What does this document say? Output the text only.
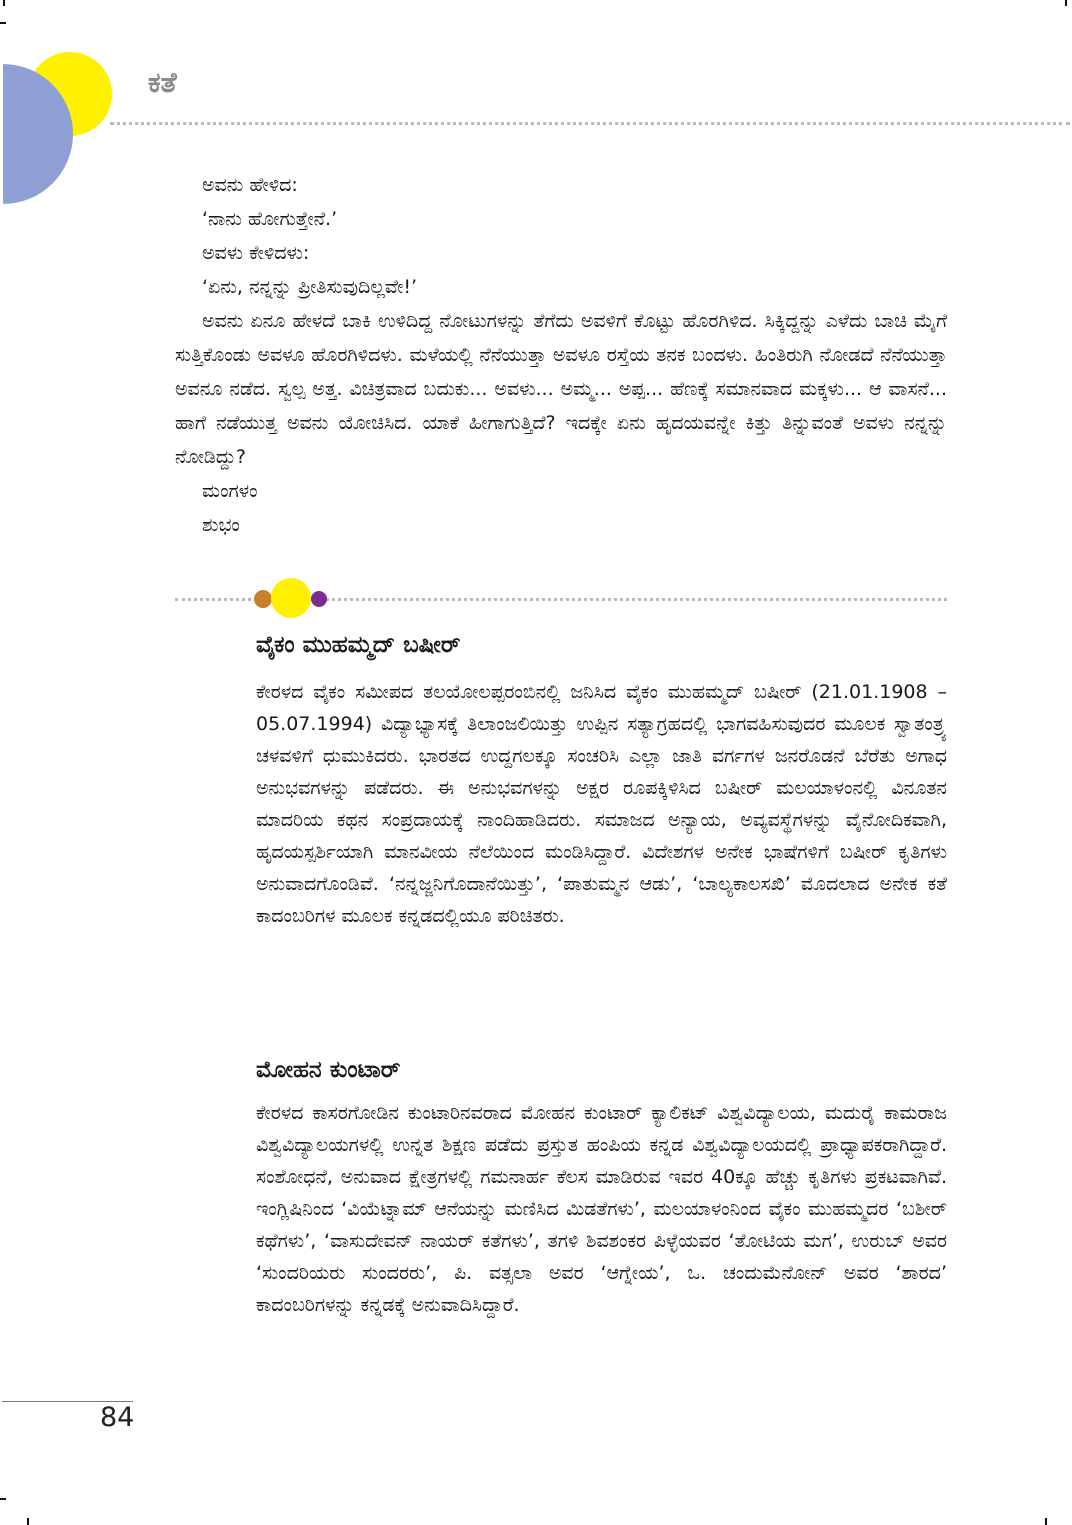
ಕತೆ
ಅವನು ಹೇಳಿದ:
‘ನಾನು ಹೋಗುತ್ತೇನೆ.’
ಅವಳು ಕೇಳಿದಳು:
‘ಏನು, ನನ್ನನ್ನು ಪ್ರೀತಿಸುವುದಿಲ್ಲವೇ!’
ಅವನು ಏನೂ ಹೇಳದೆ ಬಾಕಿ ಉಳಿದಿದ್ದ ನೋಟುಗಳನ್ನು ತೆಗೆದು ಅವಳಿಗೆ ಕೊಟ್ಟು ಹೊರಗಿಳಿದ. ಸಿಕ್ಕಿದ್ದನ್ನು ಎಳೆದು ಬಾಚಿ ಮೈಗೆ ಸುತ್ತಿಕೊಂಡು ಅವಳೂ ಹೊರಗಿಳಿದಳು. ಮಳೆಯಲ್ಲಿ ನೆನೆಯುತ್ತಾ ಅವಳೂ ರಸ್ತೆಯ ತನಕ ಬಂದಳು. ಹಿಂತಿರುಗಿ ನೋಡದೆ ನೆನೆಯುತ್ತಾ ಅವನೂ ನಡೆದ. ಸ್ವಲ್ಪ ಅತ್ತ. ವಿಚಿತ್ರವಾದ ಬದುಕು... ಅವಳು... ಅಮ್ಮ... ಅಪ್ಪ... ಹೆಣಕ್ಕೆ ಸಮಾನವಾದ ಮಕ್ಕಳು... ಆ ವಾಸನೆ... ಹಾಗೆ ನಡೆಯುತ್ತ ಅವನು ಯೋಚಿಸಿದ. ಯಾಕೆ ಹೀಗಾಗುತ್ತಿದೆ? ಇದಕ್ಕೇ ಏನು ಹೃದಯವನ್ನೇ ಕಿತ್ತು ತಿನ್ನುವಂತೆ ಅವಳು ನನ್ನನ್ನು ನೋಡಿದ್ದು?
ಮಂಗಳಂ
ಶುಭಂ
ವೈಕಂ ಮುಹಮ್ಮದ್ ಬಷೀರ್
ಕೇರಳದ ವೈಕಂ ಸಮೀಪದ ತಲಯೋಲಪ್ಪರಂಬಿನಲ್ಲಿ ಜನಿಸಿದ ವೈಕಂ ಮುಹಮ್ಮದ್ ಬಷೀರ್ (21.01.1908 – 05.07.1994) ವಿದ್ಯಾಭ್ಯಾಸಕ್ಕೆ ತಿಲಾಂಜಲಿಯಿತ್ತು ಉಪ್ಪಿನ ಸತ್ಯಾಗ್ರಹದಲ್ಲಿ ಭಾಗವಹಿಸುವುದರ ಮೂಲಕ ಸ್ವಾತಂತ್ರ್ಯ ಚಳವಳಿಗೆ ಧುಮುಕಿದರು. ಭಾರತದ ಉದ್ದಗಲಕ್ಕೂ ಸಂಚರಿಸಿ ಎಲ್ಲಾ ಜಾತಿ ವರ್ಗಗಳ ಜನರೊಡನೆ ಬೆರೆತು ಅಗಾಧ ಅನುಭವಗಳನ್ನು ಪಡೆದರು. ಈ ಅನುಭವಗಳನ್ನು ಅಕ್ಷರ ರೂಪಕ್ಕಿಳಿಸಿದ ಬಷೀರ್ ಮಲಯಾಳಂನಲ್ಲಿ ವಿನೂತನ ಮಾದರಿಯ ಕಥನ ಸಂಪ್ರದಾಯಕ್ಕೆ ನಾಂದಿಹಾಡಿದರು. ಸಮಾಜದ ಅನ್ಯಾಯ, ಅವ್ಯವಸ್ಥೆಗಳನ್ನು ವೈನೋದಿಕವಾಗಿ, ಹೃದಯಸ್ಪರ್ಶಿಯಾಗಿ ಮಾನವೀಯ ನೆಲೆಯಿಂದ ಮಂಡಿಸಿದ್ದಾರೆ. ವಿದೇಶಗಳ ಅನೇಕ ಭಾಷೆಗಳಿಗೆ ಬಷೀರ್ ಕೃತಿಗಳು ಅನುವಾದಗೊಂಡಿವೆ. ‘ನನ್ನಜ್ಜನಿಗೊದಾನೆಯಿತ್ತು’, ‘ಪಾತುಮ್ಮನ ಆಡು’, ‘ಬಾಲ್ಯಕಾಲಸಖಿ’ ಮೊದಲಾದ ಅನೇಕ ಕತೆ ಕಾದಂಬರಿಗಳ ಮೂಲಕ ಕನ್ನಡದಲ್ಲಿಯೂ ಪರಿಚಿತರು.
ಮೋಹನ ಕುಂಟಾರ್
ಕೇರಳದ ಕಾಸರಗೋಡಿನ ಕುಂಟಾರಿನವರಾದ ಮೋಹನ ಕುಂಟಾರ್ ಕ್ಯಾಲಿಕಟ್ ವಿಶ್ವವಿದ್ಯಾಲಯ, ಮದುರೈ ಕಾಮರಾಜ ವಿಶ್ವವಿದ್ಯಾಲಯಗಳಲ್ಲಿ ಉನ್ನತ ಶಿಕ್ಷಣ ಪಡೆದು ಪ್ರಸ್ತುತ ಹಂಪಿಯ ಕನ್ನಡ ವಿಶ್ವವಿದ್ಯಾಲಯದಲ್ಲಿ ಪ್ರಾಧ್ಯಾಪಕರಾಗಿದ್ದಾರೆ. ಸಂಶೋಧನೆ, ಅನುವಾದ ಕ್ಷೇತ್ರಗಳಲ್ಲಿ ಗಮನಾರ್ಹ ಕೆಲಸ ಮಾಡಿರುವ ಇವರ 40ಕ್ಕೂ ಹೆಚ್ಚು ಕೃತಿಗಳು ಪ್ರಕಟವಾಗಿವೆ. ಇಂಗ್ಲಿಷಿನಿಂದ ‘ವಿಯೆಟ್ನಾಮ್ ಆನೆಯನ್ನು ಮಣಿಸಿದ ಮಿಡತೆಗಳು’, ಮಲಯಾಳಂನಿಂದ ವೈಕಂ ಮುಹಮ್ಮದರ ‘ಬಶೀರ್ ಕಥೆಗಳು’, ‘ವಾಸುದೇವನ್ ನಾಯರ್ ಕತೆಗಳು’, ತಗಳಿ ಶಿವಶಂಕರ ಪಿಳ್ಳೆಯವರ ‘ತೋಟಿಯ ಮಗ’, ಉರುಬ್ ಅವರ ‘ಸುಂದರಿಯರು ಸುಂದರರು’, ಪಿ. ವತ್ಸಲಾ ಅವರ ‘ಆಗ್ನೇಯ’, ಒ. ಚಂದುಮೆನೋನ್ ಅವರ ‘ಶಾರದ’ ಕಾದಂಬರಿಗಳನ್ನು ಕನ್ನಡಕ್ಕೆ ಅನುವಾದಿಸಿದ್ದಾರೆ.
84
